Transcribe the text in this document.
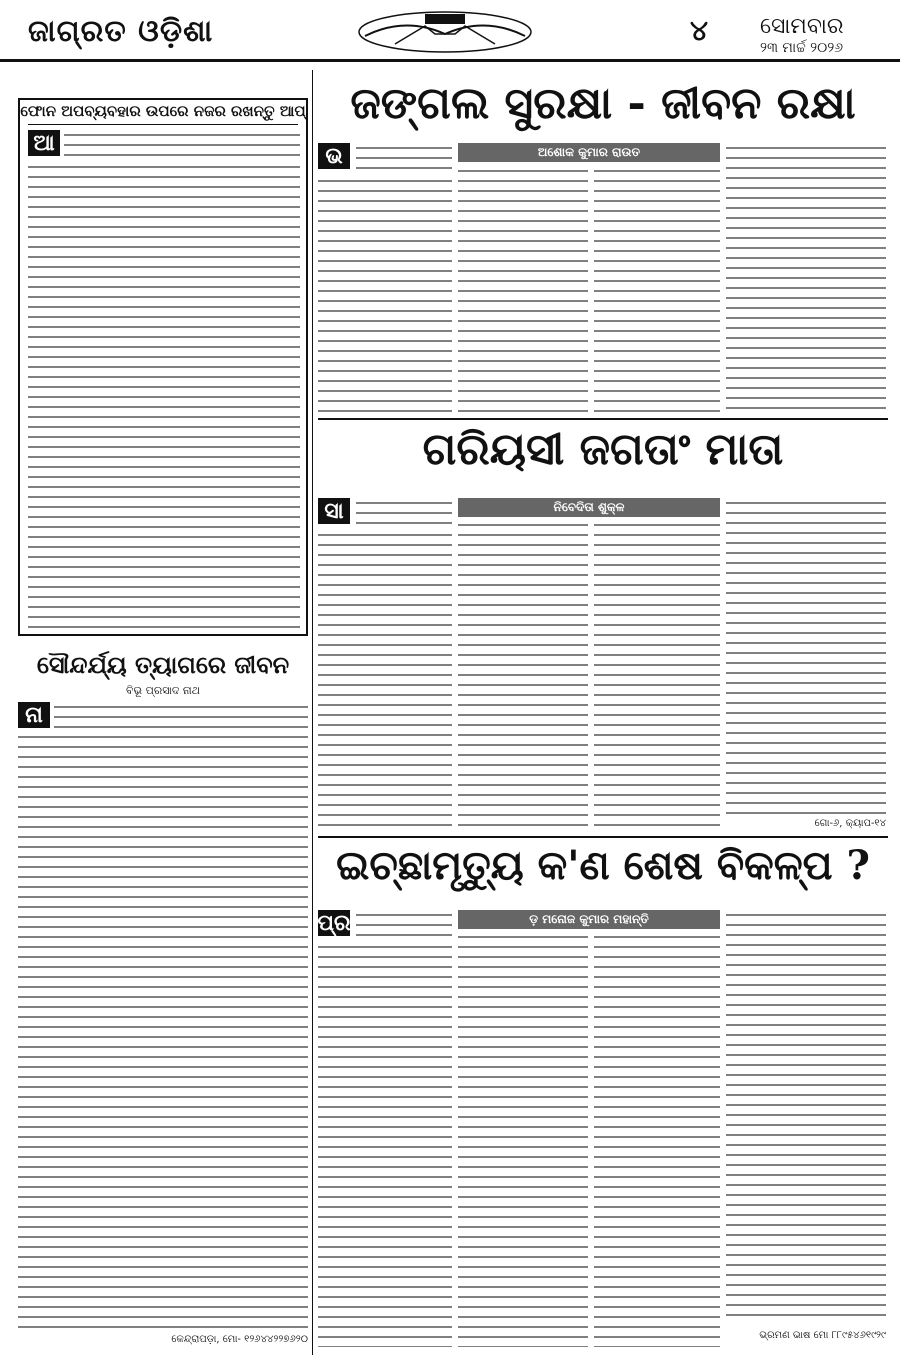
ଜାଗ୍ରତ ଓଡ଼ିଶା	୪ ସୋମବାର
୨୩ ମାର୍ଚ୍ଚ ୨୦୨୬
ଫୋନ ଅପବ୍ୟବହାର ଉପରେ ନଜର ରଖନ୍ତୁ ଆପ୍
ଆ
ସୌନ୍ଦର୍ଯ୍ୟ ତ୍ୟାଗରେ ଜୀବନ
ବିଭୂ ପ୍ରସାଦ ନାଥ
ନା
କେନ୍ଦ୍ରାପଡ଼ା, ମୋ- ୧୨୬୪୪୨୨୭୬୨୦
ଜଙ୍ଗଲ ସୁରକ୍ଷା - ଜୀବନ ରକ୍ଷା
ଭ	ଅଶୋକ କୁମାର ରାଉତ
ଗରିୟସୀ ଜଗତାଂ ମାତା
ସା	ନିବେଦିତା ଶୁକ୍ଳ
ଗୋ-୬, କ୍ୟାପ-୧୪
ଇଚ୍ଛାମୃତ୍ୟୁ କ'ଣ ଶେଷ ବିକଳ୍ପ ?
ପ୍ର	ଡ଼ ମନୋଜ କୁମାର ମହାନ୍ତି
ଭ୍ରମଣ ଭାଷ ମୋ ୮୮୯୫୪୬୧୯୨୯
